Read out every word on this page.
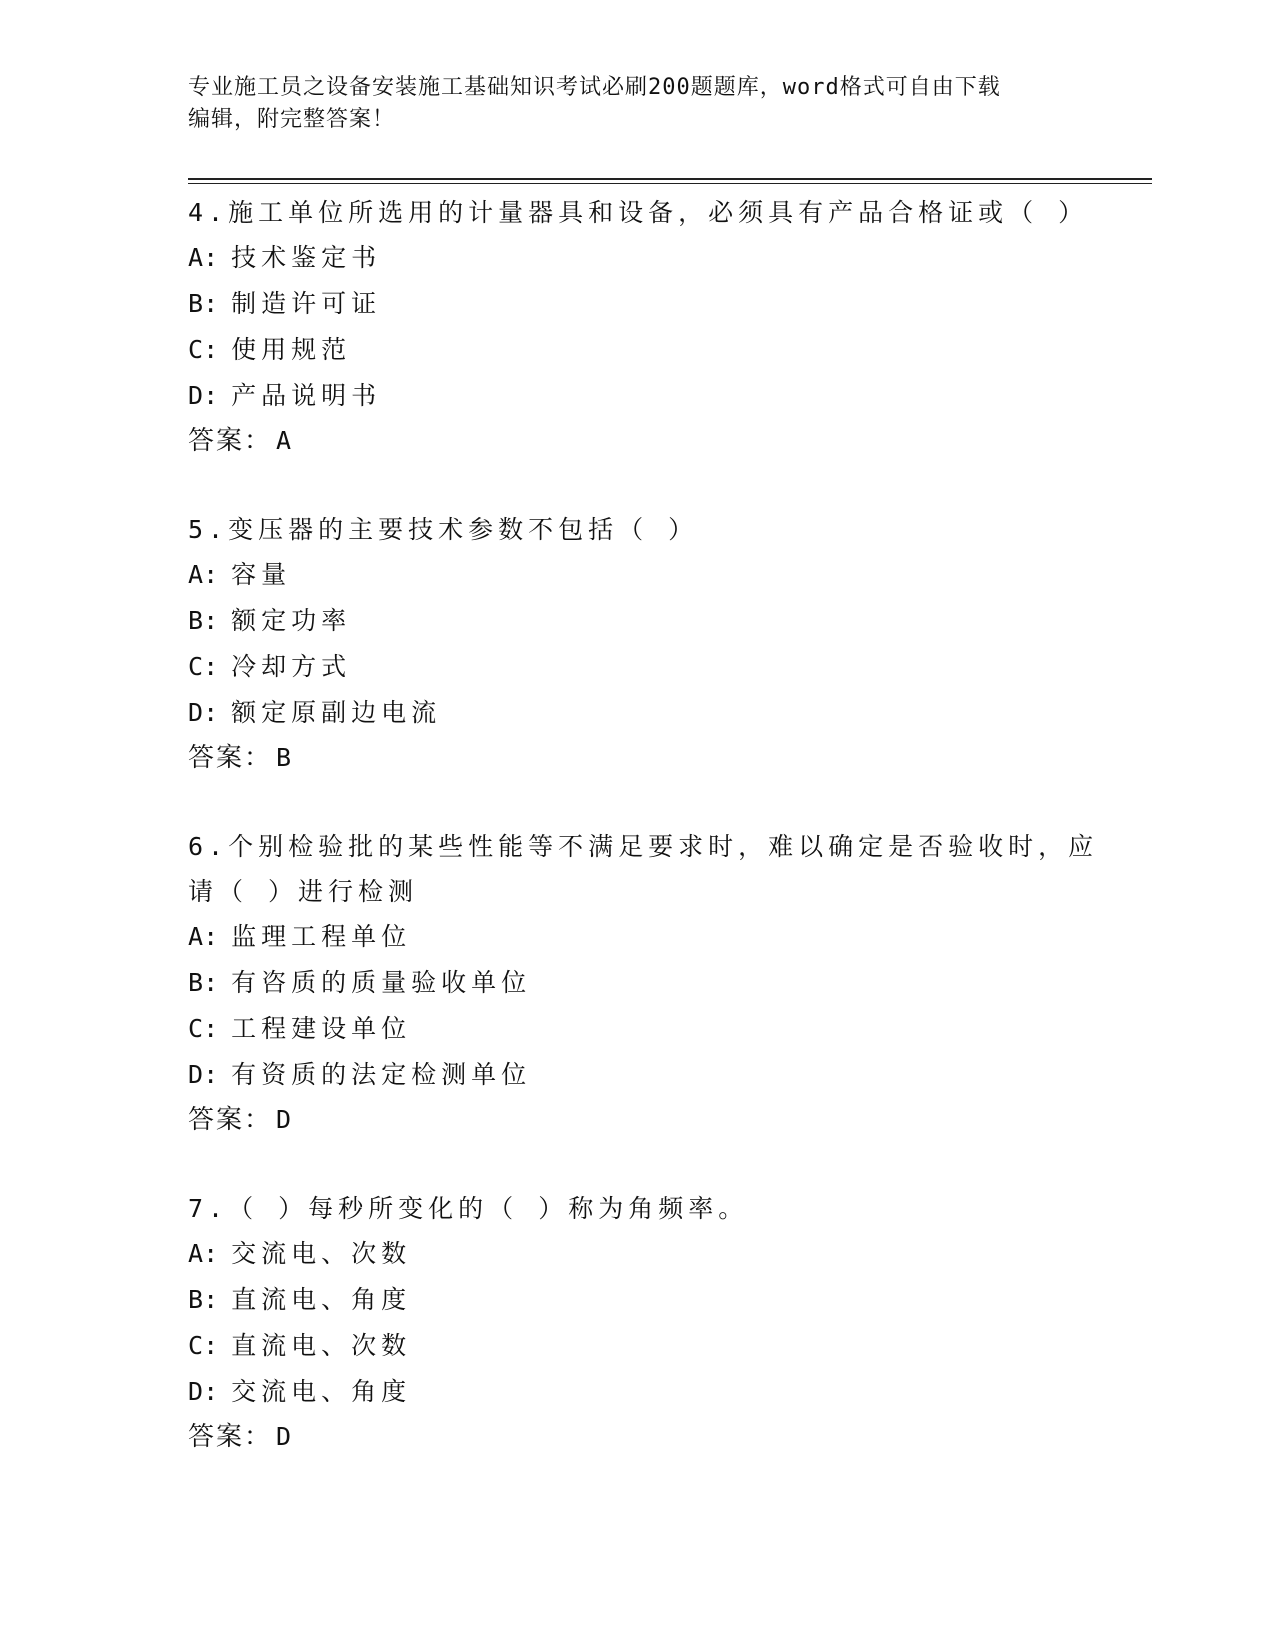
专业施工员之设备安装施工基础知识考试必刷200题题库，word格式可自由下载
编辑，附完整答案！

4.施工单位所选用的计量器具和设备，必须具有产品合格证或（ ）

A: 技术鉴定书

B: 制造许可证

C: 使用规范

D: 产品说明书

答案： A

5.变压器的主要技术参数不包括（ ）

A: 容量

B: 额定功率

C: 冷却方式

D: 额定原副边电流

答案： B

6.个别检验批的某些性能等不满足要求时，难以确定是否验收时，应请（ ）进行检测

A: 监理工程单位

B: 有咨质的质量验收单位

C: 工程建设单位

D: 有资质的法定检测单位

答案： D

7.（ ）每秒所变化的（ ）称为角频率。

A: 交流电、次数

B: 直流电、角度

C: 直流电、次数

D: 交流电、角度

答案： D
